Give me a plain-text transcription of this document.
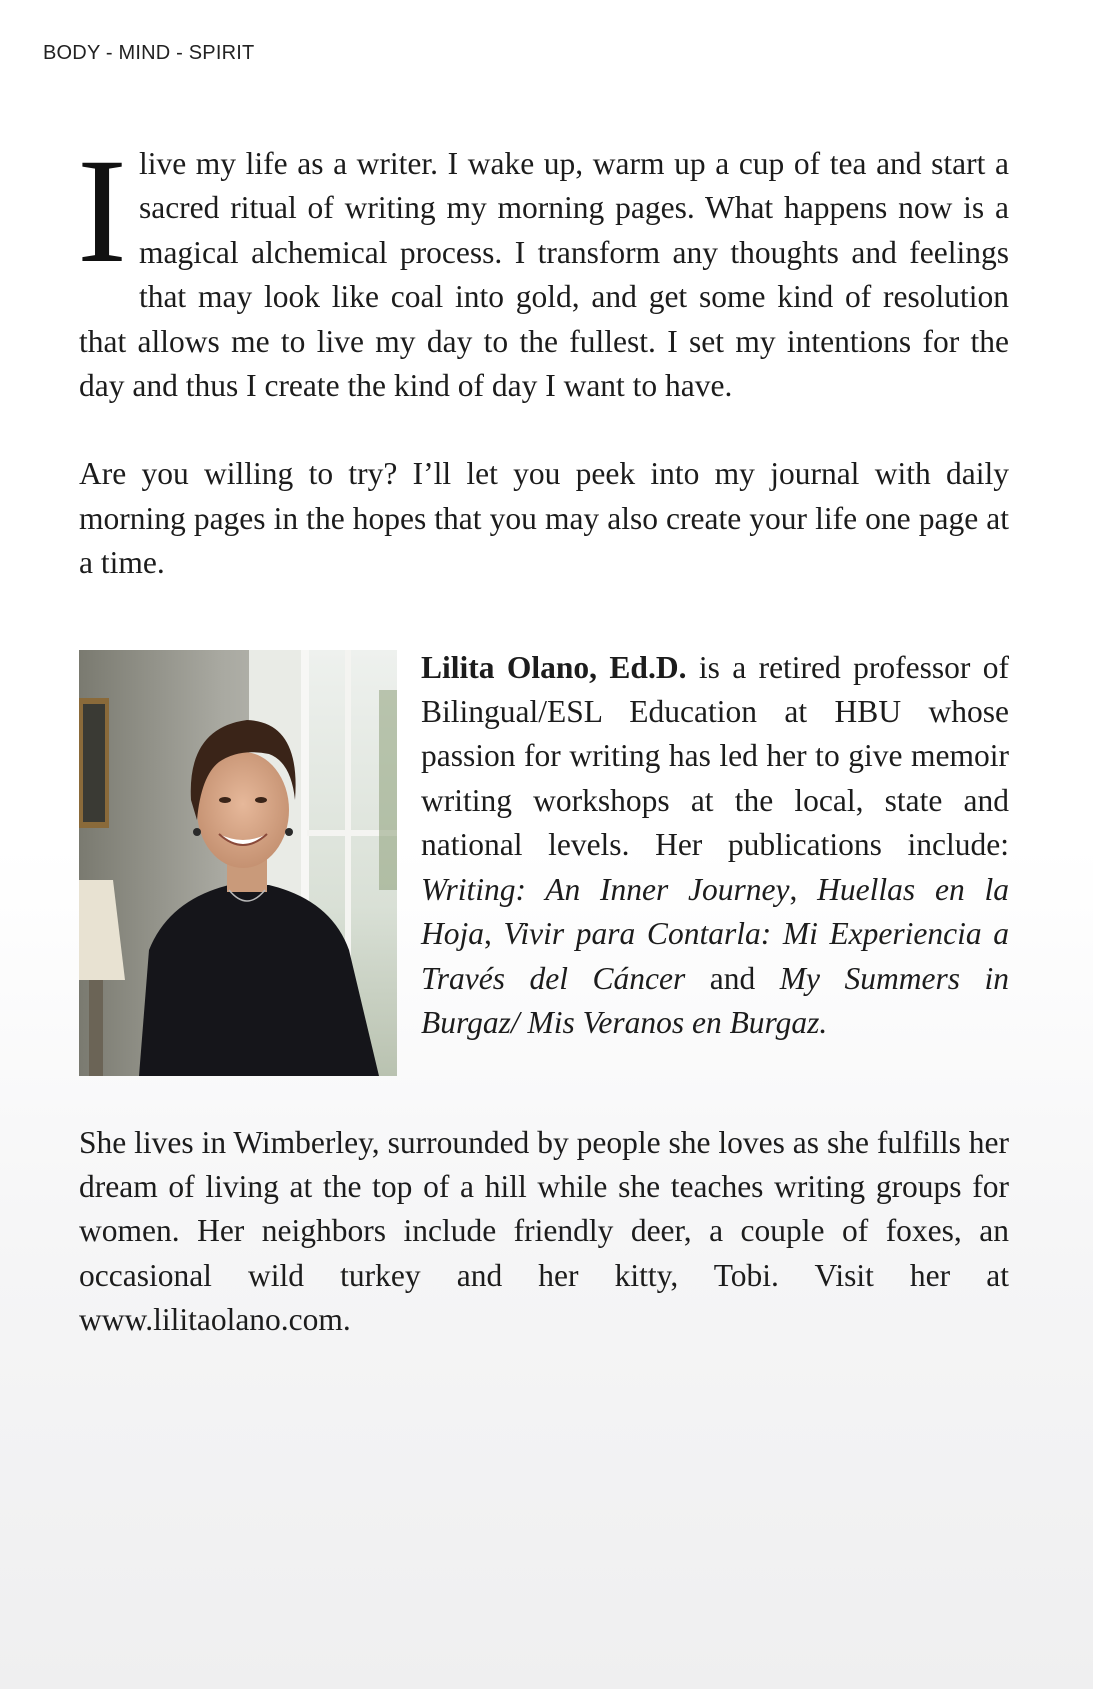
BODY - MIND - SPIRIT

I live my life as a writer. I wake up, warm up a cup of tea and start a sacred ritual of writing my morning pages. What happens now is a magical alchemical process. I transform any thoughts and feelings that may look like coal into gold, and get some kind of resolution that allows me to live my day to the fullest. I set my intentions for the day and thus I create the kind of day I want to have.

Are you willing to try? I’ll let you peek into my journal with daily morning pages in the hopes that you may also create your life one page at a time.

Lilita Olano, Ed.D. is a retired professor of Bilingual/ESL Education at HBU whose passion for writing has led her to give memoir writing workshops at the local, state and national levels. Her publications include: Writing: An Inner Journey, Huellas en la Hoja, Vivir para Contarla: Mi Experiencia a Través del Cáncer and My Summers in Burgaz/ Mis Veranos en Burgaz.

She lives in Wimberley, surrounded by people she loves as she fulfills her dream of living at the top of a hill while she teaches writing groups for women. Her neighbors include friendly deer, a couple of foxes, an occasional wild turkey and her kitty, Tobi. Visit her at www.lilitaolano.com.
